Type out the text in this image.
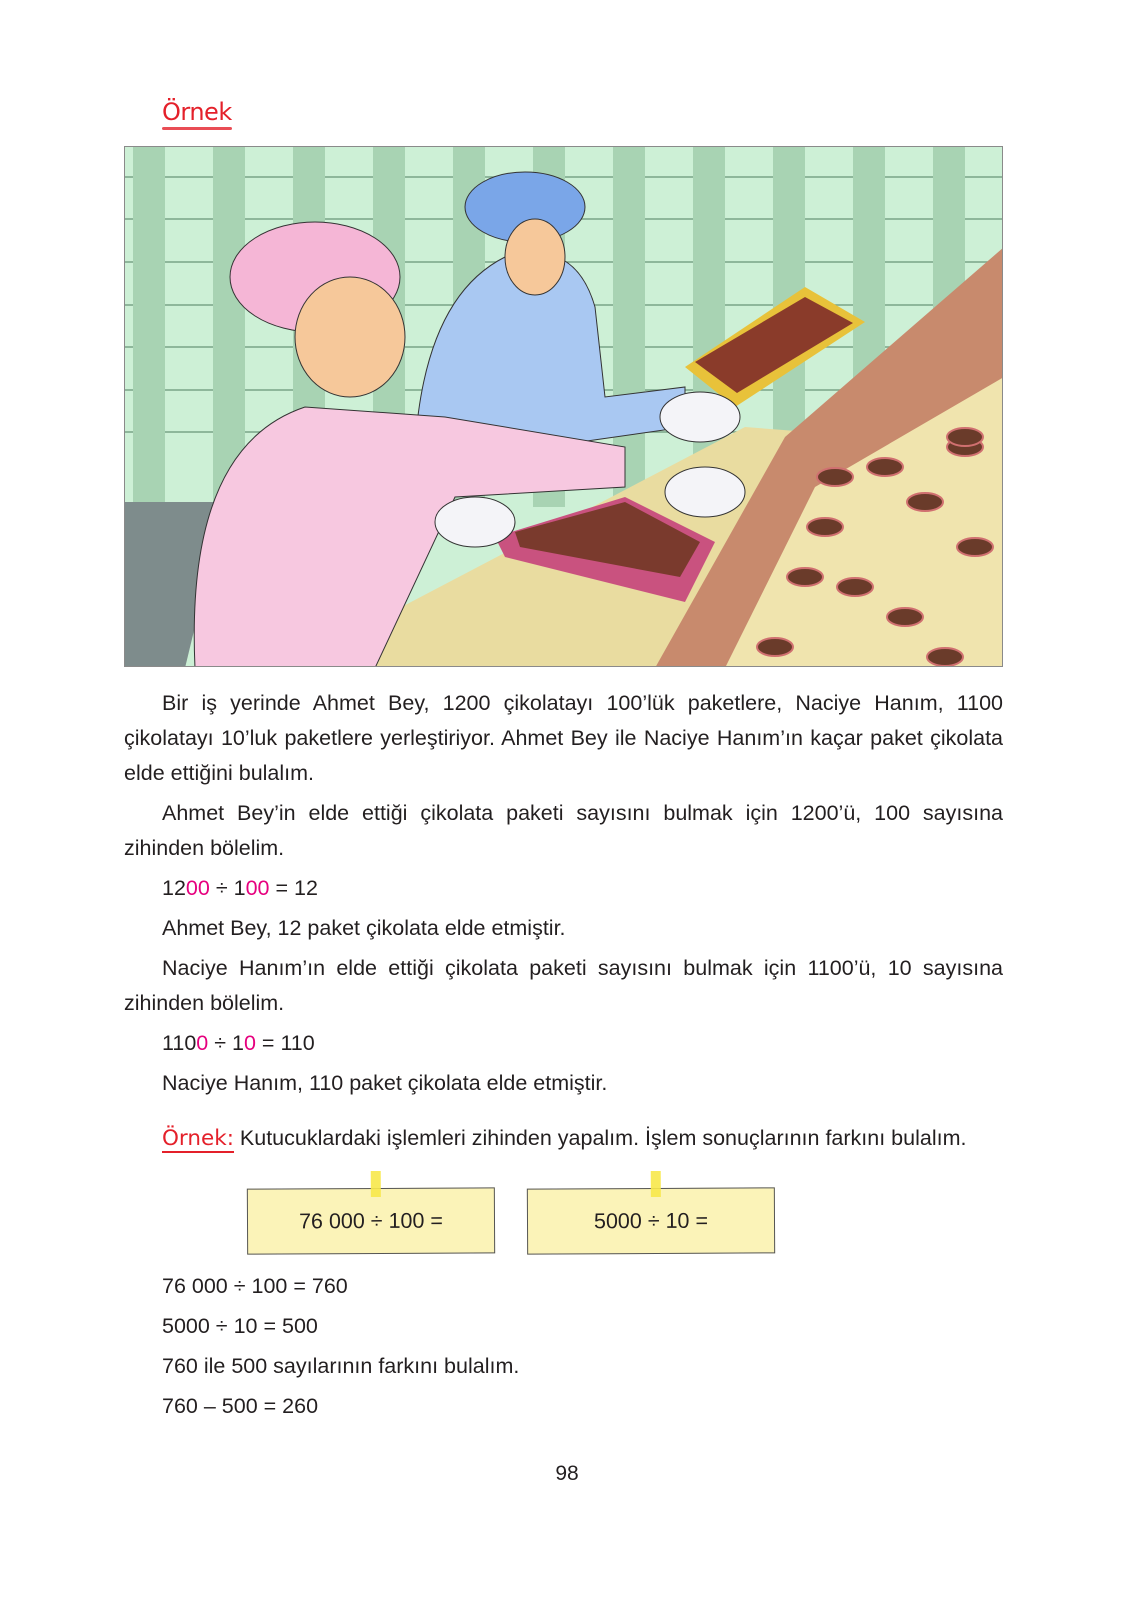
Örnek

Bir iş yerinde Ahmet Bey, 1200 çikolatayı 100’lük paketlere, Naciye Hanım, 1100 çikolatayı 10’luk paketlere yerleştiriyor. Ahmet Bey ile Naciye Hanım’ın kaçar paket çikolata elde ettiğini bulalım.

Ahmet Bey’in elde ettiği çikolata paketi sayısını bulmak için 1200’ü, 100 sayısına zihinden bölelim.

1200 ÷ 100 = 12

Ahmet Bey, 12 paket çikolata elde etmiştir.

Naciye Hanım’ın elde ettiği çikolata paketi sayısını bulmak için 1100’ü, 10 sayısına zihinden bölelim.

1100 ÷ 10 = 110

Naciye Hanım, 110 paket çikolata elde etmiştir.

Örnek: Kutucuklardaki işlemleri zihinden yapalım. İşlem sonuçlarının farkını bulalım.

76 000 ÷ 100 =	5000 ÷ 10 =

76 000 ÷ 100 = 760

5000 ÷ 10 = 500

760 ile 500 sayılarının farkını bulalım.

760 – 500 = 260

98
